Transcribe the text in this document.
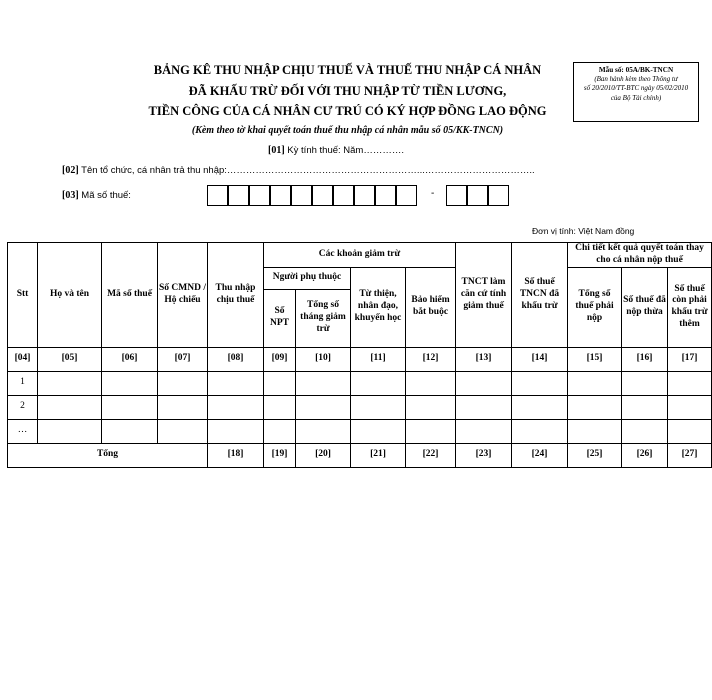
BẢNG KÊ THU NHẬP CHỊU THUẾ VÀ THUẾ THU NHẬP CÁ NHÂN
ĐÃ KHẤU TRỪ ĐỐI VỚI THU NHẬP TỪ TIỀN LƯƠNG,
TIỀN CÔNG CỦA CÁ NHÂN CƯ TRÚ CÓ KÝ HỢP ĐỒNG LAO ĐỘNG
(Kèm theo tờ khai quyết toán thuế thu nhập cá nhân mẫu số 05/KK-TNCN)
Mẫu số: 05A/BK-TNCN
(Ban hành kèm theo Thông tư
số 20/2010/TT-BTC ngày 05/02/2010
của Bộ Tài chính)
[01] Kỳ tính thuế: Năm………….
[02] Tên tổ chức, cá nhân trả thu nhập:……………………………………………………...……………………………..
[03] Mã số thuế:	-
Đơn vị tính: Việt Nam đồng
Stt	Họ và tên	Mã số thuế	Số CMND / Hộ chiếu	Thu nhập chịu thuế	Các khoản giảm trừ				TNCT làm căn cứ tính giảm thuế	Số thuế TNCN đã khấu trừ	Chi tiết kết quả quyết toán thay cho cá nhân nộp thuế		
					Người phụ thuộc		Từ thiện, nhân đạo, khuyến học	Bảo hiểm bắt buộc			Tổng số thuế phải nộp	Số thuế đã nộp thừa	Số thuế còn phải khấu trừ thêm
					Số NPT	Tổng số tháng giảm trừ							
[04]	[05]	[06]	[07]	[08]	[09]	[10]	[11]	[12]	[13]	[14]	[15]	[16]	[17]
1													
2													
…													
Tổng				[18]	[19]	[20]	[21]	[22]	[23]	[24]	[25]	[26]	[27]
